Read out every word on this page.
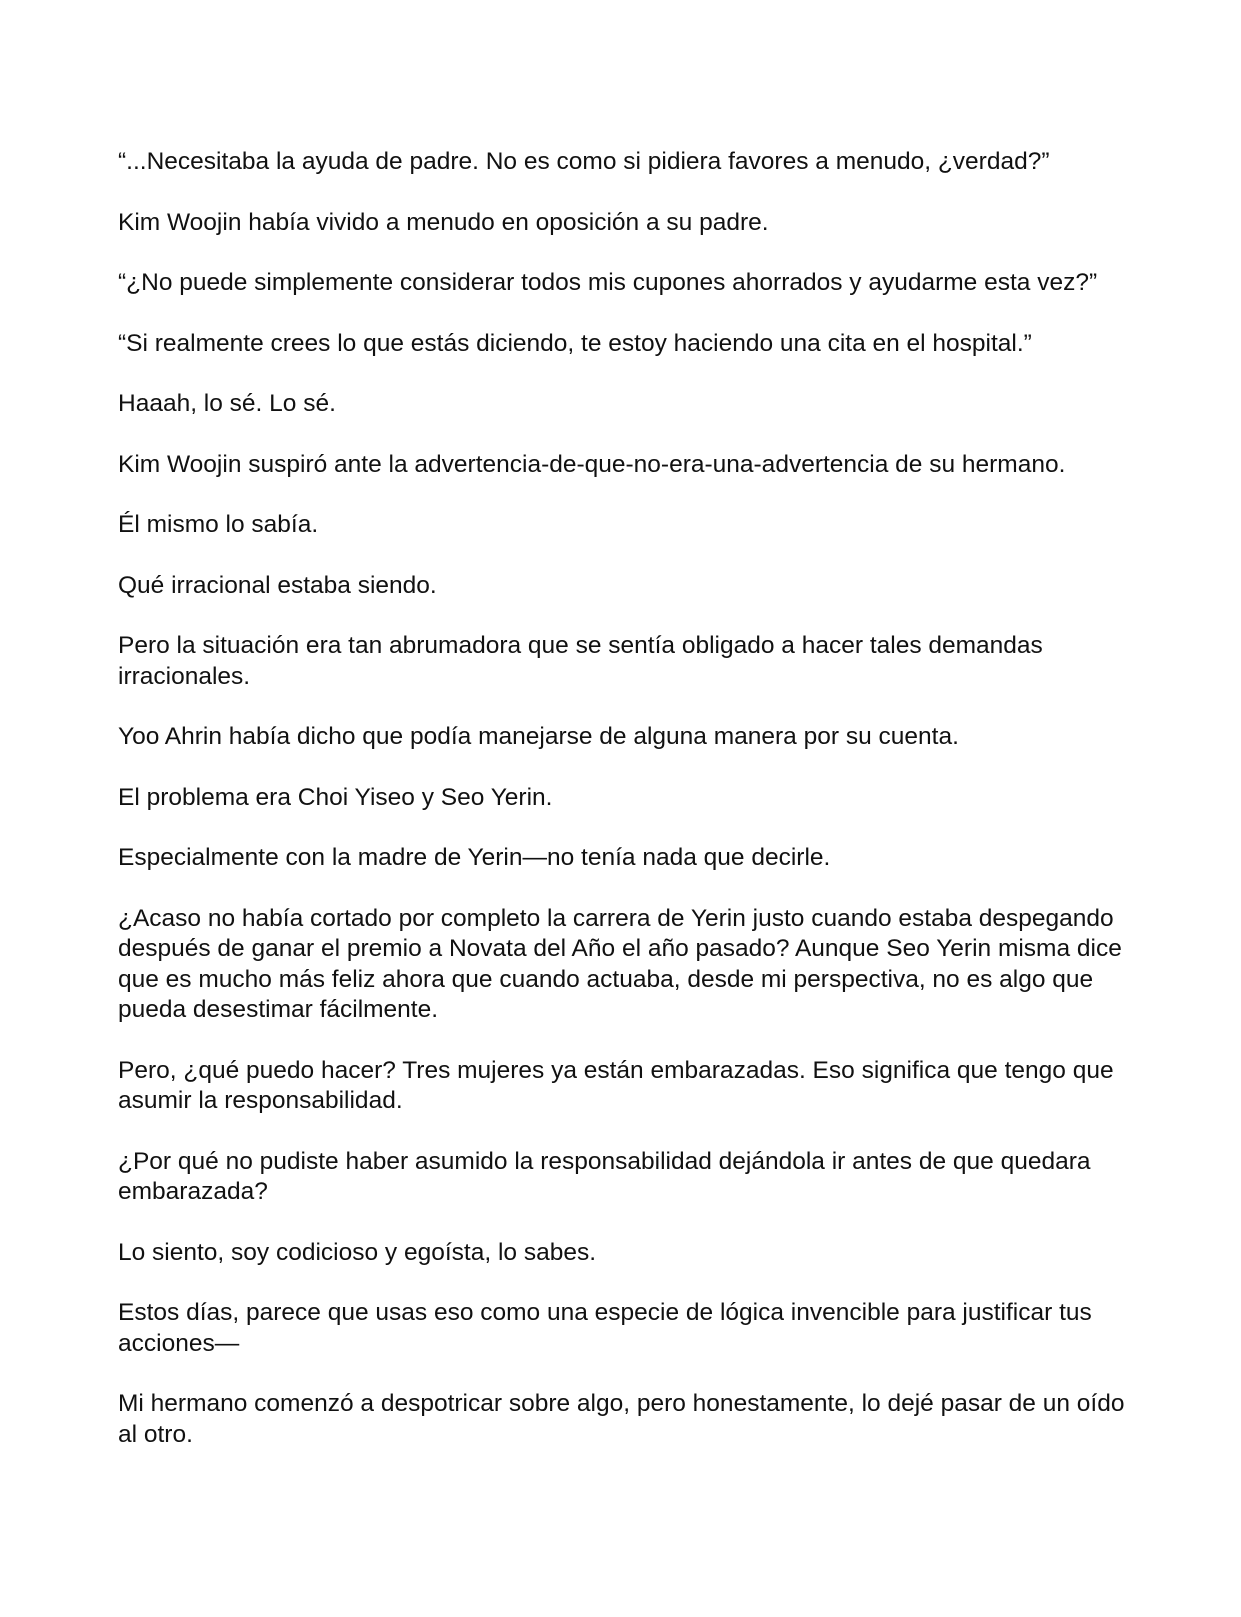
“...Necesitaba la ayuda de padre. No es como si pidiera favores a menudo, ¿verdad?”

Kim Woojin había vivido a menudo en oposición a su padre.

“¿No puede simplemente considerar todos mis cupones ahorrados y ayudarme esta vez?”

“Si realmente crees lo que estás diciendo, te estoy haciendo una cita en el hospital.”

Haaah, lo sé. Lo sé.

Kim Woojin suspiró ante la advertencia-de-que-no-era-una-advertencia de su hermano.

Él mismo lo sabía.

Qué irracional estaba siendo.

Pero la situación era tan abrumadora que se sentía obligado a hacer tales demandas irracionales.

Yoo Ahrin había dicho que podía manejarse de alguna manera por su cuenta.

El problema era Choi Yiseo y Seo Yerin.

Especialmente con la madre de Yerin—no tenía nada que decirle.

¿Acaso no había cortado por completo la carrera de Yerin justo cuando estaba despegando después de ganar el premio a Novata del Año el año pasado? Aunque Seo Yerin misma dice que es mucho más feliz ahora que cuando actuaba, desde mi perspectiva, no es algo que pueda desestimar fácilmente.

Pero, ¿qué puedo hacer? Tres mujeres ya están embarazadas. Eso significa que tengo que asumir la responsabilidad.

¿Por qué no pudiste haber asumido la responsabilidad dejándola ir antes de que quedara embarazada?

Lo siento, soy codicioso y egoísta, lo sabes.

Estos días, parece que usas eso como una especie de lógica invencible para justificar tus acciones—

Mi hermano comenzó a despotricar sobre algo, pero honestamente, lo dejé pasar de un oído al otro.
